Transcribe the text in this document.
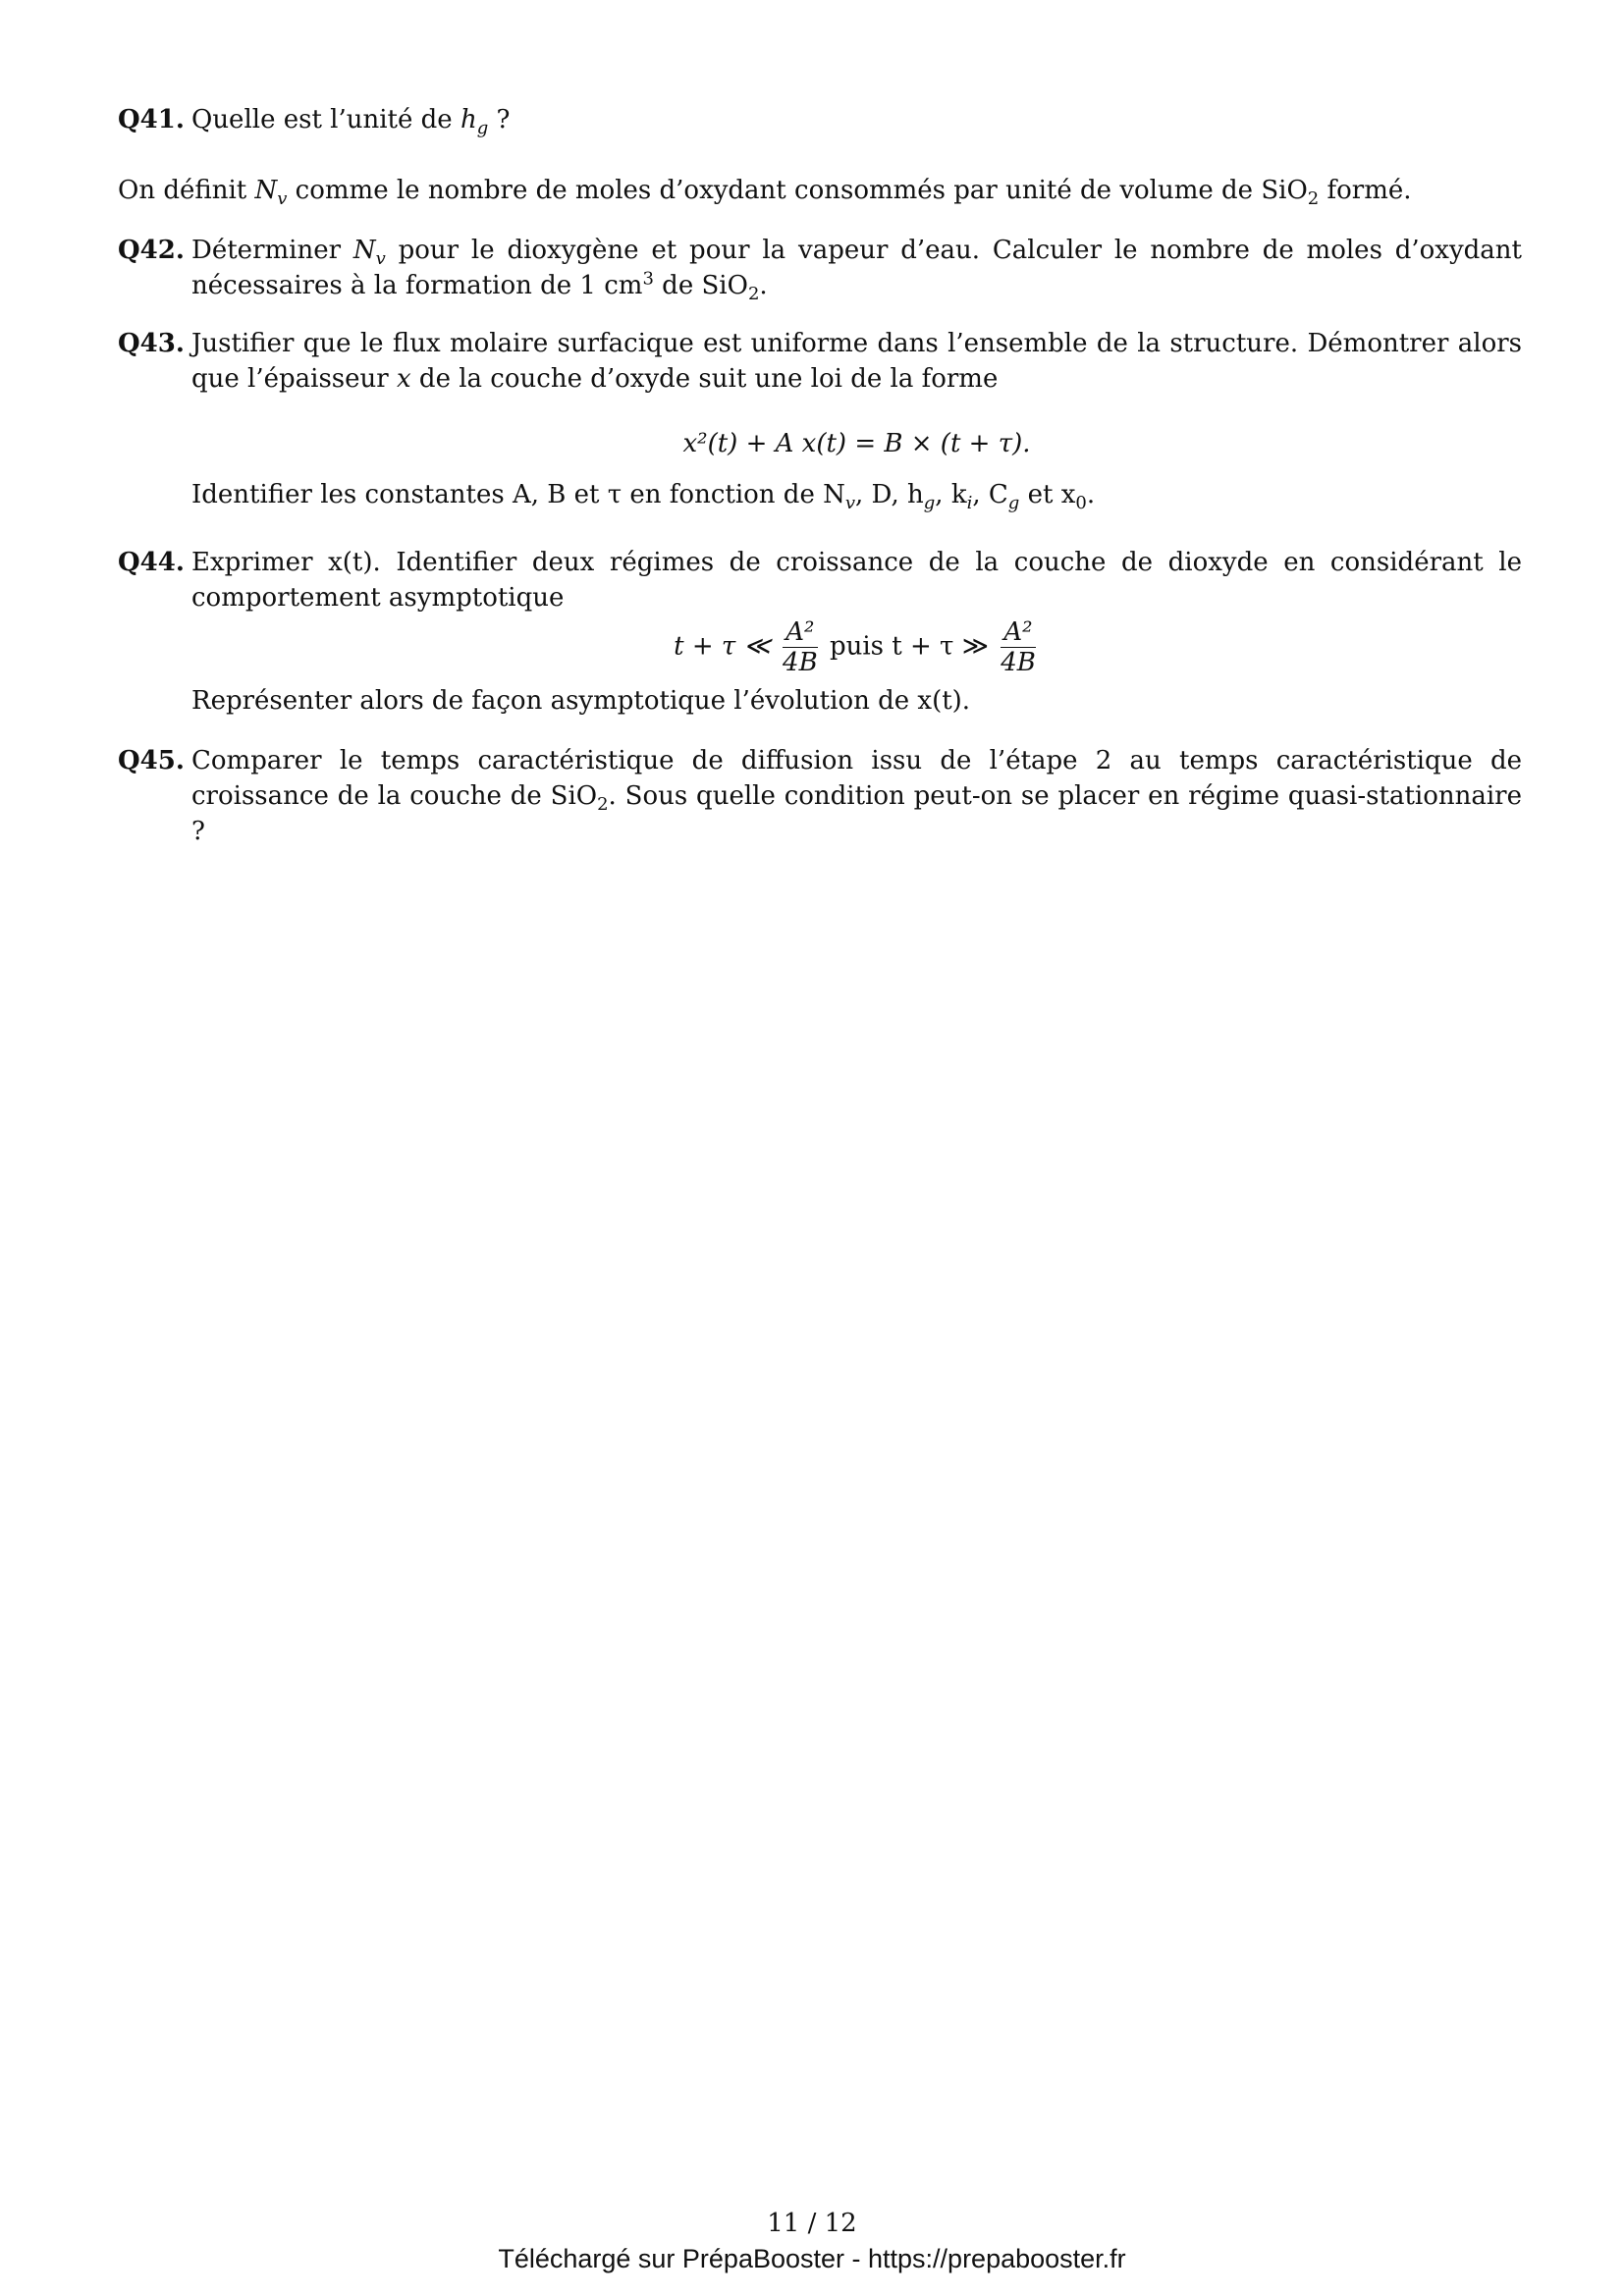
Q41. Quelle est l’unité de $h_g$ ?
On définit $N_v$ comme le nombre de moles d’oxydant consommés par unité de volume de SiO$_2$ formé.
Q42. Déterminer $N_v$ pour le dioxygène et pour la vapeur d’eau. Calculer le nombre de moles d’oxydant nécessaires à la formation de 1 $cm^3$ de SiO$_2$.
Q43. Justifier que le flux molaire surfacique est uniforme dans l’ensemble de la structure. Démontrer alors que l’épaisseur x de la couche d’oxyde suit une loi de la forme
x²(t) + A x(t) = B × (t + τ).
Identifier les constantes A, B et τ en fonction de $N_v$, D, $h_g$, $k_i$, $C_g$ et $x_0$.
Q44. Exprimer x(t). Identifier deux régimes de croissance de la couche de dioxyde en considérant le comportement asymptotique
t + τ ≪ $\frac{\text{A²}}{4B}$ puis t + τ ≫ $\frac{\text{A²}}{4B}$
Représenter alors de façon asymptotique l’évolution de x(t).
Q45. Comparer le temps caractéristique de diffusion issu de l’étape 2 au temps caractéristique de croissance de la couche de SiO$_2$. Sous quelle condition peut-on se placer en régime quasi-stationnaire ?
11 / 12
Téléchargé sur PrépaBooster - https://prepabooster.fr
